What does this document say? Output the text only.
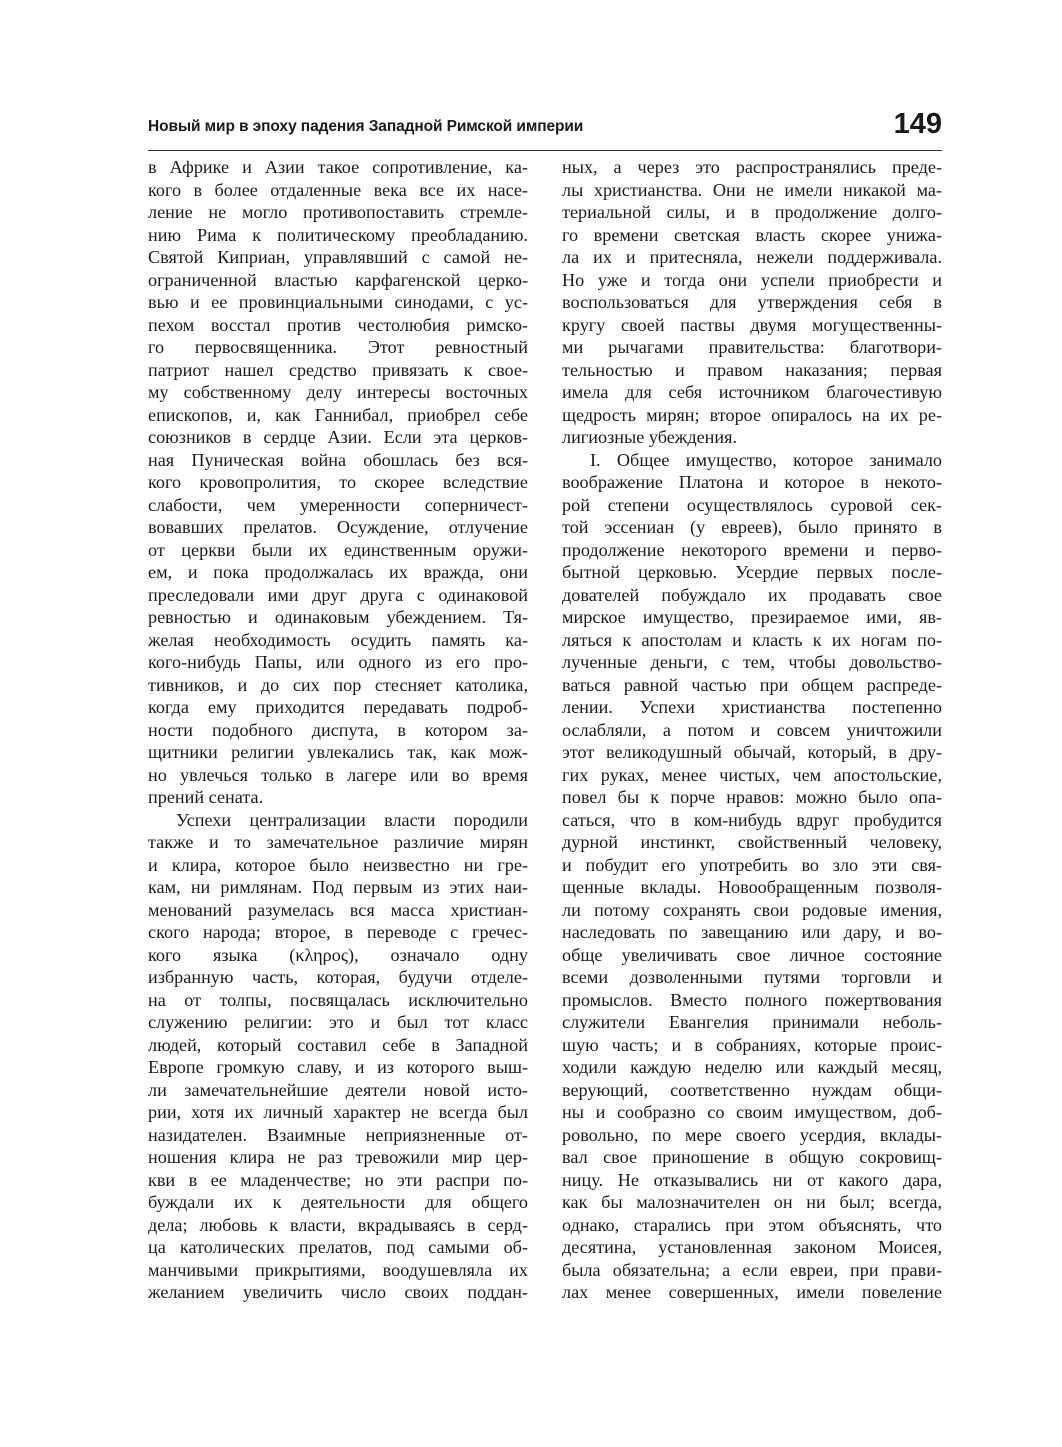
Новый мир в эпоху падения Западной Римской империи	149
в Африке и Азии такое сопротивление, ка-
кого в более отдаленные века все их насе-
ление не могло противопоставить стремле-
нию Рима к политическому преобладанию.
Святой Киприан, управлявший с самой не-
ограниченной властью карфагенской церко-
вью и ее провинциальными синодами, с ус-
пехом восстал против честолюбия римско-
го первосвященника. Этот ревностный
патриот нашел средство привязать к свое-
му собственному делу интересы восточных
епископов, и, как Ганнибал, приобрел себе
союзников в сердце Азии. Если эта церков-
ная Пуническая война обошлась без вся-
кого кровопролития, то скорее вследствие
слабости, чем умеренности соперничест-
вовавших прелатов. Осуждение, отлучение
от церкви были их единственным оружи-
ем, и пока продолжалась их вражда, они
преследовали ими друг друга с одинаковой
ревностью и одинаковым убеждением. Тя-
желая необходимость осудить память ка-
кого-нибудь Папы, или одного из его про-
тивников, и до сих пор стесняет католика,
когда ему приходится передавать подроб-
ности подобного диспута, в котором за-
щитники религии увлекались так, как мож-
но увлечься только в лагере или во время
прений сената.
Успехи централизации власти породили
также и то замечательное различие мирян
и клира, которое было неизвестно ни гре-
кам, ни римлянам. Под первым из этих наи-
менований разумелась вся масса христиан-
ского народа; второе, в переводе с гречес-
кого языка (κληρος), означало одну
избранную часть, которая, будучи отделе-
на от толпы, посвящалась исключительно
служению религии: это и был тот класс
людей, который составил себе в Западной
Европе громкую славу, и из которого выш-
ли замечательнейшие деятели новой исто-
рии, хотя их личный характер не всегда был
назидателен. Взаимные неприязненные от-
ношения клира не раз тревожили мир цер-
кви в ее младенчестве; но эти распри по-
буждали их к деятельности для общего
дела; любовь к власти, вкрадываясь в серд-
ца католических прелатов, под самыми об-
манчивыми прикрытиями, воодушевляла их
желанием увеличить число своих поддан-
ных, а через это распространялись преде-
лы христианства. Они не имели никакой ма-
териальной силы, и в продолжение долго-
го времени светская власть скорее унижа-
ла их и притесняла, нежели поддерживала.
Но уже и тогда они успели приобрести и
воспользоваться для утверждения себя в
кругу своей паствы двумя могущественны-
ми рычагами правительства: благотвори-
тельностью и правом наказания; первая
имела для себя источником благочестивую
щедрость мирян; второе опиралось на их ре-
лигиозные убеждения.
I. Общее имущество, которое занимало
воображение Платона и которое в некото-
рой степени осуществлялось суровой сек-
той эссениан (у евреев), было принято в
продолжение некоторого времени и перво-
бытной церковью. Усердие первых после-
дователей побуждало их продавать свое
мирское имущество, презираемое ими, яв-
ляться к апостолам и класть к их ногам по-
лученные деньги, с тем, чтобы довольство-
ваться равной частью при общем распреде-
лении. Успехи христианства постепенно
ослабляли, а потом и совсем уничтожили
этот великодушный обычай, который, в дру-
гих руках, менее чистых, чем апостольские,
повел бы к порче нравов: можно было опа-
саться, что в ком-нибудь вдруг пробудится
дурной инстинкт, свойственный человеку,
и побудит его употребить во зло эти свя-
щенные вклады. Новообращенным позволя-
ли потому сохранять свои родовые имения,
наследовать по завещанию или дару, и во-
обще увеличивать свое личное состояние
всеми дозволенными путями торговли и
промыслов. Вместо полного пожертвования
служители Евангелия принимали неболь-
шую часть; и в собраниях, которые проис-
ходили каждую неделю или каждый месяц,
верующий, соответственно нуждам общи-
ны и сообразно со своим имуществом, доб-
ровольно, по мере своего усердия, вклады-
вал свое приношение в общую сокровищ-
ницу. Не отказывались ни от какого дара,
как бы малозначителен он ни был; всегда,
однако, старались при этом объяснять, что
десятина, установленная законом Моисея,
была обязательна; а если евреи, при прави-
лах менее совершенных, имели повеление
